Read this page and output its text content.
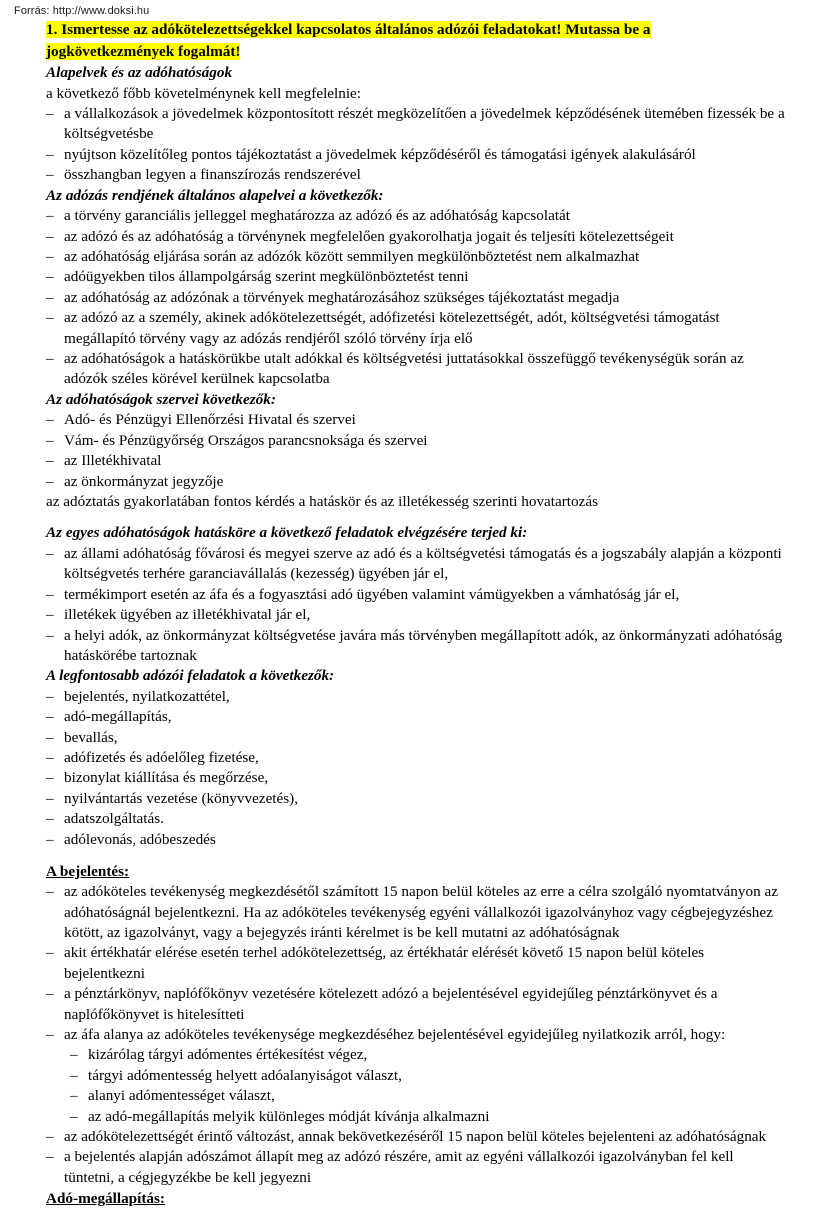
Forrás: http://www.doksi.hu
1. Ismertesse az adókötelezettségekkel kapcsolatos általános adózói feladatokat! Mutassa be a
jogkövetkezmények fogalmát!
Alapelvek és az adóhatóságok
a következő főbb követelménynek kell megfelelnie:
– a vállalkozások a jövedelmek központosított részét megközelítően a jövedelmek képződésének ütemében fizessék be a költségvetésbe
– nyújtson közelítőleg pontos tájékoztatást a jövedelmek képződéséről és támogatási igények alakulásáról
– összhangban legyen a finanszírozás rendszerével
Az adózás rendjének általános alapelvei a következők:
– a törvény garanciális jelleggel meghatározza az adózó és az adóhatóság kapcsolatát
– az adózó és az adóhatóság a törvénynek megfelelően gyakorolhatja jogait és teljesíti kötelezettségeit
– az adóhatóság eljárása során az adózók között semmilyen megkülönböztetést nem alkalmazhat
– adóügyekben tilos állampolgárság szerint megkülönböztetést tenni
– az adóhatóság az adózónak a törvények meghatározásához szükséges tájékoztatást megadja
– az adózó az a személy, akinek adókötelezettségét, adófizetési kötelezettségét, adót, költségvetési támogatást megállapító törvény vagy az adózás rendjéről szóló törvény írja elő
– az adóhatóságok a hatáskörükbe utalt adókkal és költségvetési juttatásokkal összefüggő tevékenységük során az adózók széles körével kerülnek kapcsolatba
Az adóhatóságok szervei következők:
– Adó- és Pénzügyi Ellenőrzési Hivatal és szervei
– Vám- és Pénzügyőrség Országos parancsnoksága és szervei
– az Illetékhivatal
– az önkormányzat jegyzője
az adóztatás gyakorlatában fontos kérdés a hatáskör és az illetékesség szerinti hovatartozás
Az egyes adóhatóságok hatásköre a következő feladatok elvégzésére terjed ki:
– az állami adóhatóság fővárosi és megyei szerve az adó és a költségvetési támogatás és a jogszabály alapján a központi költségvetés terhére garanciavállalás (kezesség) ügyében jár el,
– termékimport esetén az áfa és a fogyasztási adó ügyében valamint vámügyekben a vámhatóság jár el,
– illetékek ügyében az illetékhivatal jár el,
– a helyi adók, az önkormányzat költségvetése javára más törvényben megállapított adók, az önkormányzati adóhatóság hatáskörébe tartoznak
A legfontosabb adózói feladatok a következők:
– bejelentés, nyilatkozattétel,
– adó-megállapítás,
– bevallás,
– adófizetés és adóelőleg fizetése,
– bizonylat kiállítása és megőrzése,
– nyilvántartás vezetése (könyvvezetés),
– adatszolgáltatás.
– adólevonás, adóbeszedés
A bejelentés:
– az adóköteles tevékenység megkezdésétől számított 15 napon belül köteles az erre a célra szolgáló nyomtatványon az adóhatóságnál bejelentkezni. Ha az adóköteles tevékenység egyéni vállalkozói igazolványhoz vagy cégbejegyzéshez kötött, az igazolványt, vagy a bejegyzés iránti kérelmet is be kell mutatni az adóhatóságnak
– akit értékhatár elérése esetén terhel adókötelezettség, az értékhatár elérését követő 15 napon belül köteles bejelentkezni
– a pénztárkönyv, naplófőkönyv vezetésére kötelezett adózó a bejelentésével egyidejűleg pénztárkönyvet és a naplófőkönyvet is hitelesítteti
– az áfa alanya az adóköteles tevékenysége megkezdéséhez bejelentésével egyidejűleg nyilatkozik arról, hogy:
– kizárólag tárgyi adómentes értékesítést végez,
– tárgyi adómentesség helyett adóalanyiságot választ,
– alanyi adómentességet választ,
– az adó-megállapítás melyik különleges módját kívánja alkalmazni
– az adókötelezettségét érintő változást, annak bekövetkezéséről 15 napon belül köteles bejelenteni az adóhatóságnak
– a bejelentés alapján adószámot állapít meg az adózó részére, amit az egyéni vállalkozói igazolványban fel kell tüntetni, a cégjegyzékbe be kell jegyezni
Adó-megállapítás:
